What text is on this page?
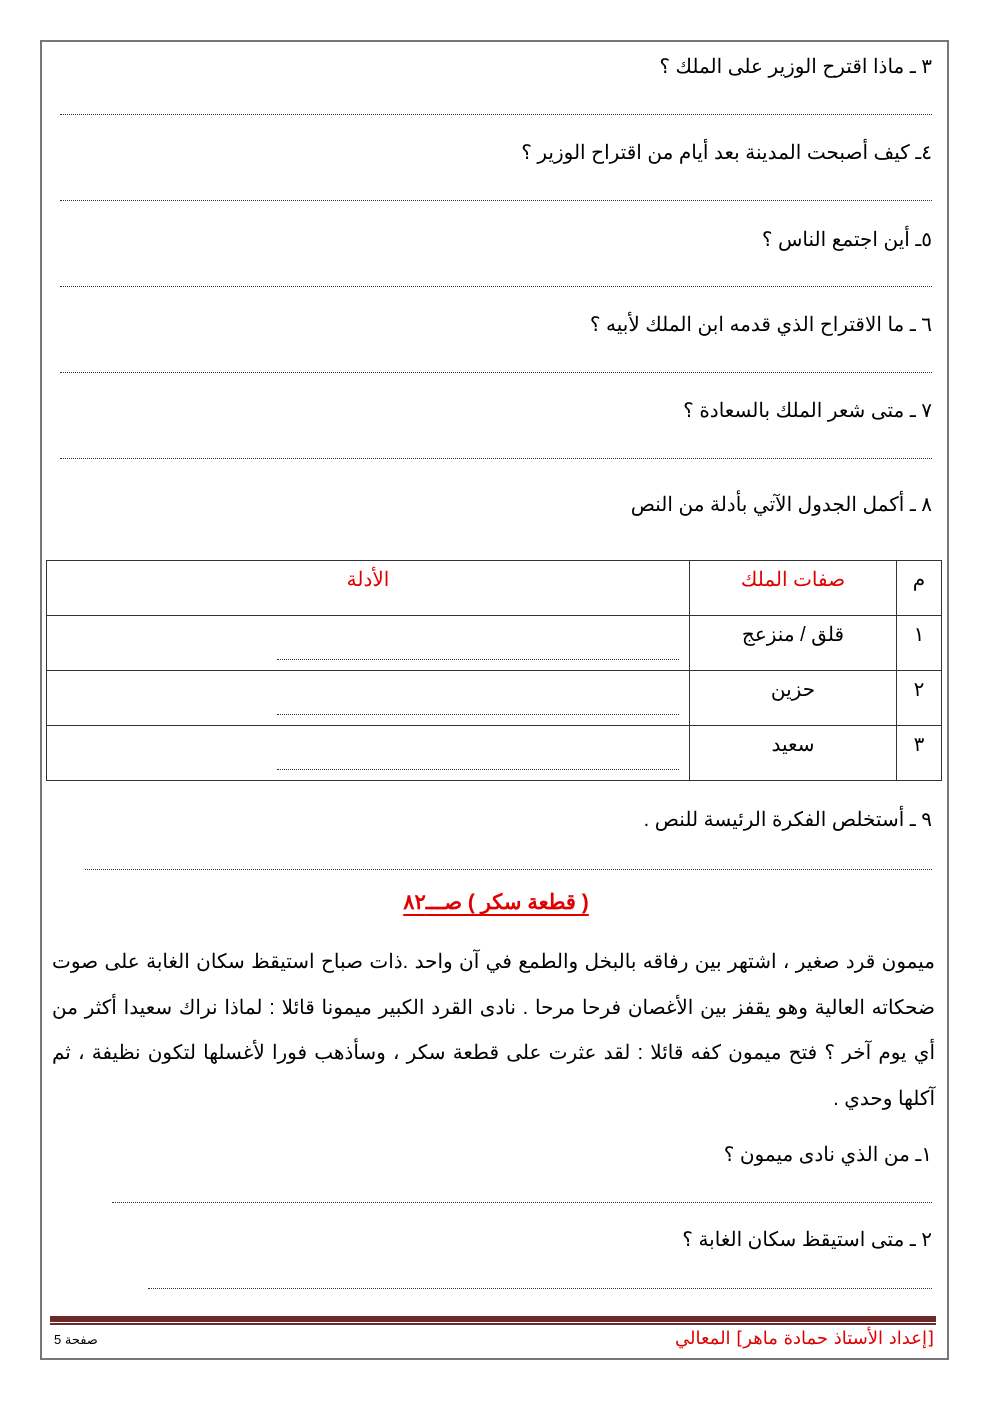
٣ ـ ماذا اقترح الوزير على الملك ؟
٤ـ كيف أصبحت المدينة بعد أيام من اقتراح الوزير ؟
٥ـ أين اجتمع الناس ؟
٦ ـ ما الاقتراح الذي قدمه ابن الملك لأبيه ؟
٧ ـ متى شعر الملك بالسعادة ؟
٨ ـ أكمل الجدول الآتي بأدلة من النص
م	صفات الملك	الأدلة

١	قلق / منزعج	

٢	حزين	

٣	سعيد	

٩ ـ أستخلص الفكرة الرئيسة للنص .
( قطعة سكر ) صـــ٨٢
ميمون قرد صغير ، اشتهر بين رفاقه بالبخل والطمع في آن واحد .ذات صباح استيقظ سكان الغابة على صوت ضحكاته العالية وهو يقفز بين الأغصان فرحا مرحا . نادى القرد الكبير ميمونا قائلا : لماذا نراك سعيدا أكثر من أي يوم آخر ؟ فتح ميمون كفه قائلا : لقد عثرت على قطعة سكر ، وسأذهب فورا لأغسلها لتكون نظيفة ، ثم آكلها وحدي .
١ـ من الذي نادى ميمون ؟
٢ ـ متى استيقظ سكان الغابة ؟
[إعداد الأستاذ حمادة ماهر] المعالي
صفحة 5
